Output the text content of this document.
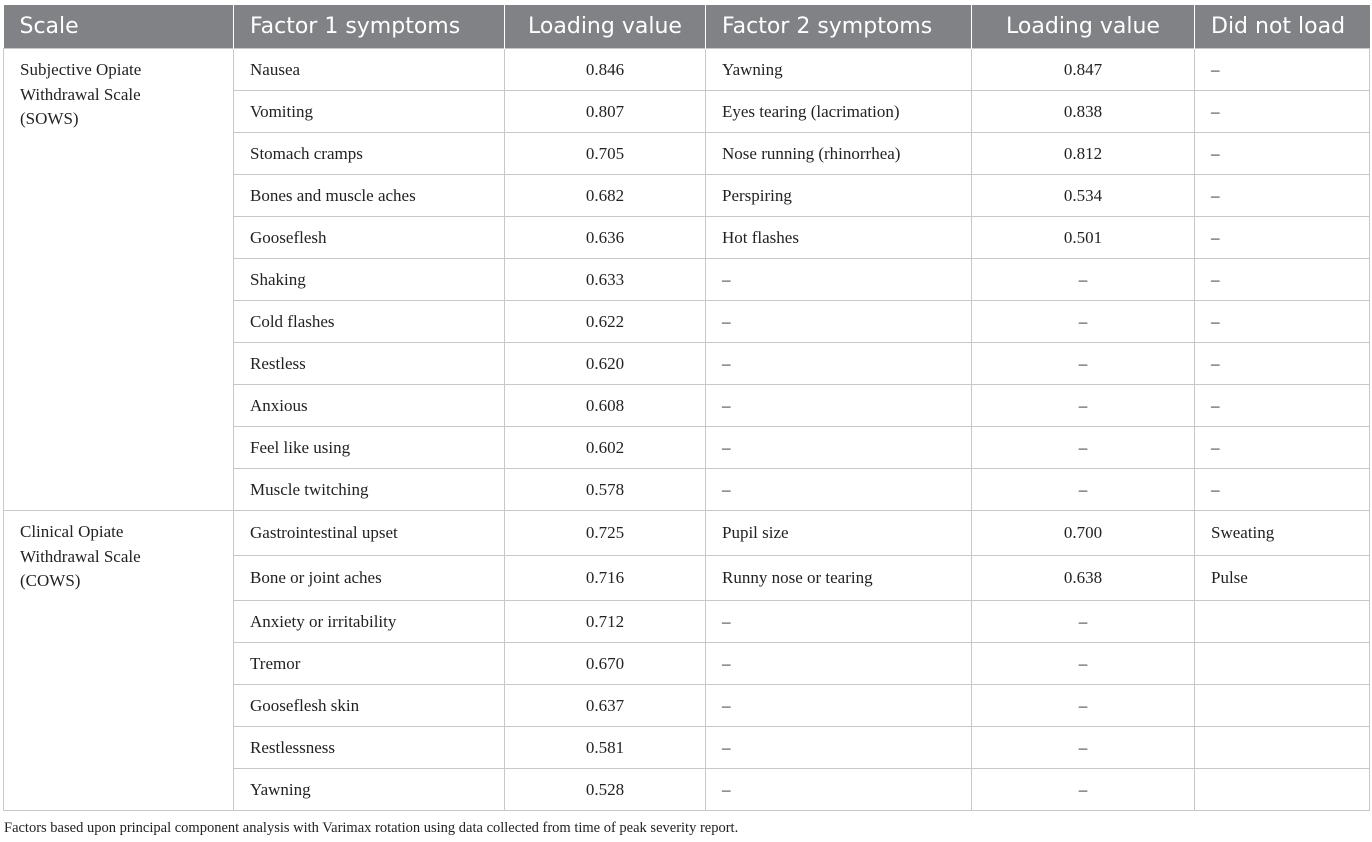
Scale	Factor 1 symptoms	Loading value	Factor 2 symptoms	Loading value	Did not load

Subjective Opiate
Withdrawal Scale
(SOWS)	Nausea	0.846	Yawning	0.847	–
	Vomiting	0.807	Eyes tearing (lacrimation)	0.838	–
	Stomach cramps	0.705	Nose running (rhinorrhea)	0.812	–
	Bones and muscle aches	0.682	Perspiring	0.534	–
	Gooseflesh	0.636	Hot flashes	0.501	–
	Shaking	0.633	–	–	–
	Cold flashes	0.622	–	–	–
	Restless	0.620	–	–	–
	Anxious	0.608	–	–	–
	Feel like using	0.602	–	–	–
	Muscle twitching	0.578	–	–	–

Clinical Opiate
Withdrawal Scale
(COWS)	Gastrointestinal upset	0.725	Pupil size	0.700	Sweating
	Bone or joint aches	0.716	Runny nose or tearing	0.638	Pulse
	Anxiety or irritability	0.712	–	–	
	Tremor	0.670	–	–	
	Gooseflesh skin	0.637	–	–	
	Restlessness	0.581	–	–	
	Yawning	0.528	–	–	
Factors based upon principal component analysis with Varimax rotation using data collected from time of peak severity report.
